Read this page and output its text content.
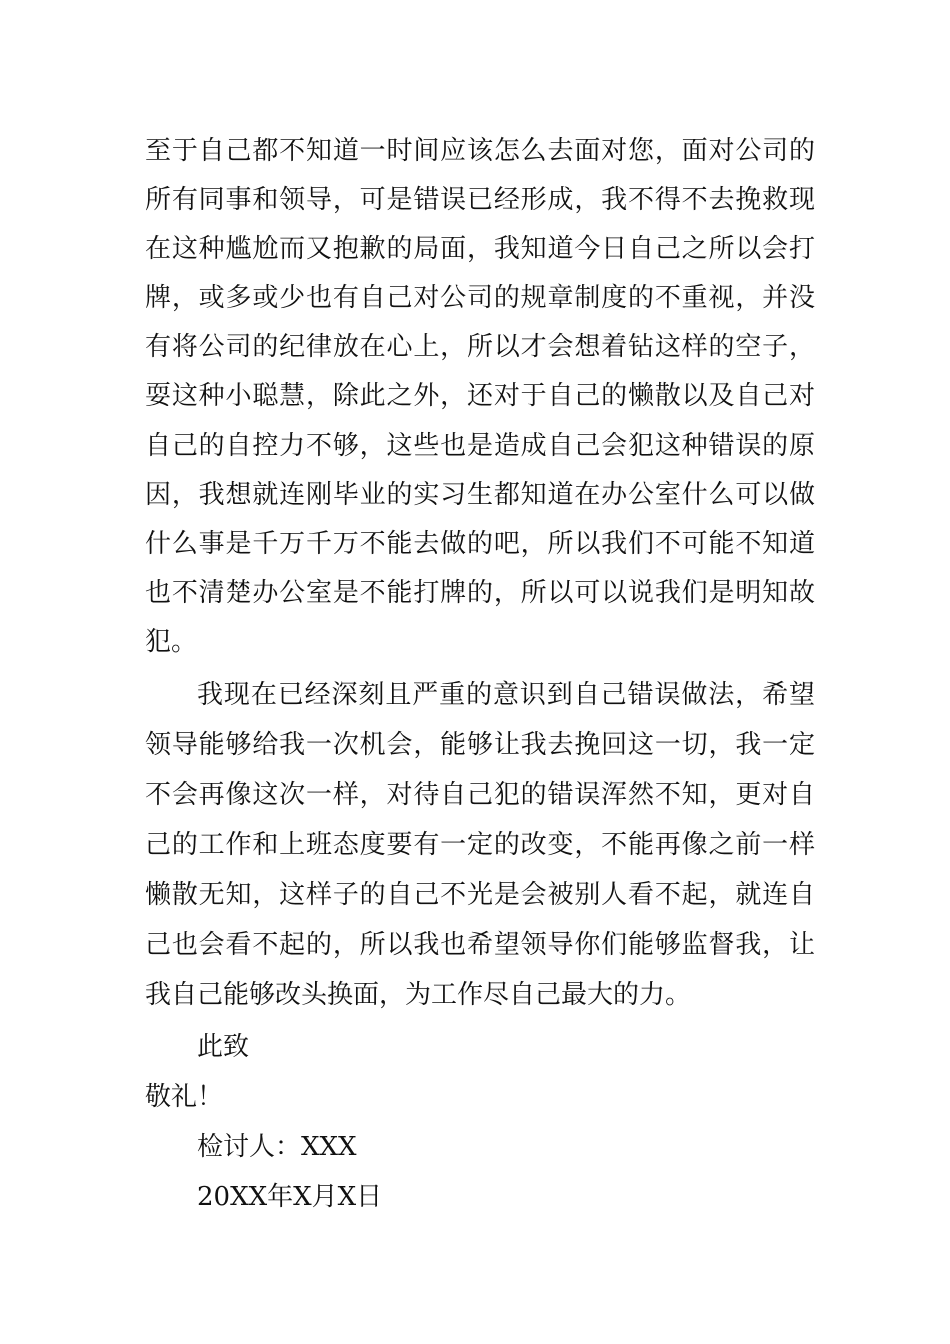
至于自己都不知道一时间应该怎么去面对您，面对公司的
所有同事和领导，可是错误已经形成，我不得不去挽救现
在这种尴尬而又抱歉的局面，我知道今日自己之所以会打
牌，或多或少也有自己对公司的规章制度的不重视，并没
有将公司的纪律放在心上，所以才会想着钻这样的空子，
耍这种小聪慧，除此之外，还对于自己的懒散以及自己对
自己的自控力不够，这些也是造成自己会犯这种错误的原
因，我想就连刚毕业的实习生都知道在办公室什么可以做
什么事是千万千万不能去做的吧，所以我们不可能不知道
也不清楚办公室是不能打牌的，所以可以说我们是明知故
犯。
我现在已经深刻且严重的意识到自己错误做法，希望
领导能够给我一次机会，能够让我去挽回这一切，我一定
不会再像这次一样，对待自己犯的错误浑然不知，更对自
己的工作和上班态度要有一定的改变，不能再像之前一样
懒散无知，这样子的自己不光是会被别人看不起，就连自
己也会看不起的，所以我也希望领导你们能够监督我，让
我自己能够改头换面，为工作尽自己最大的力。
此致
敬礼！
检讨人：XXX
20XX年X月X日
